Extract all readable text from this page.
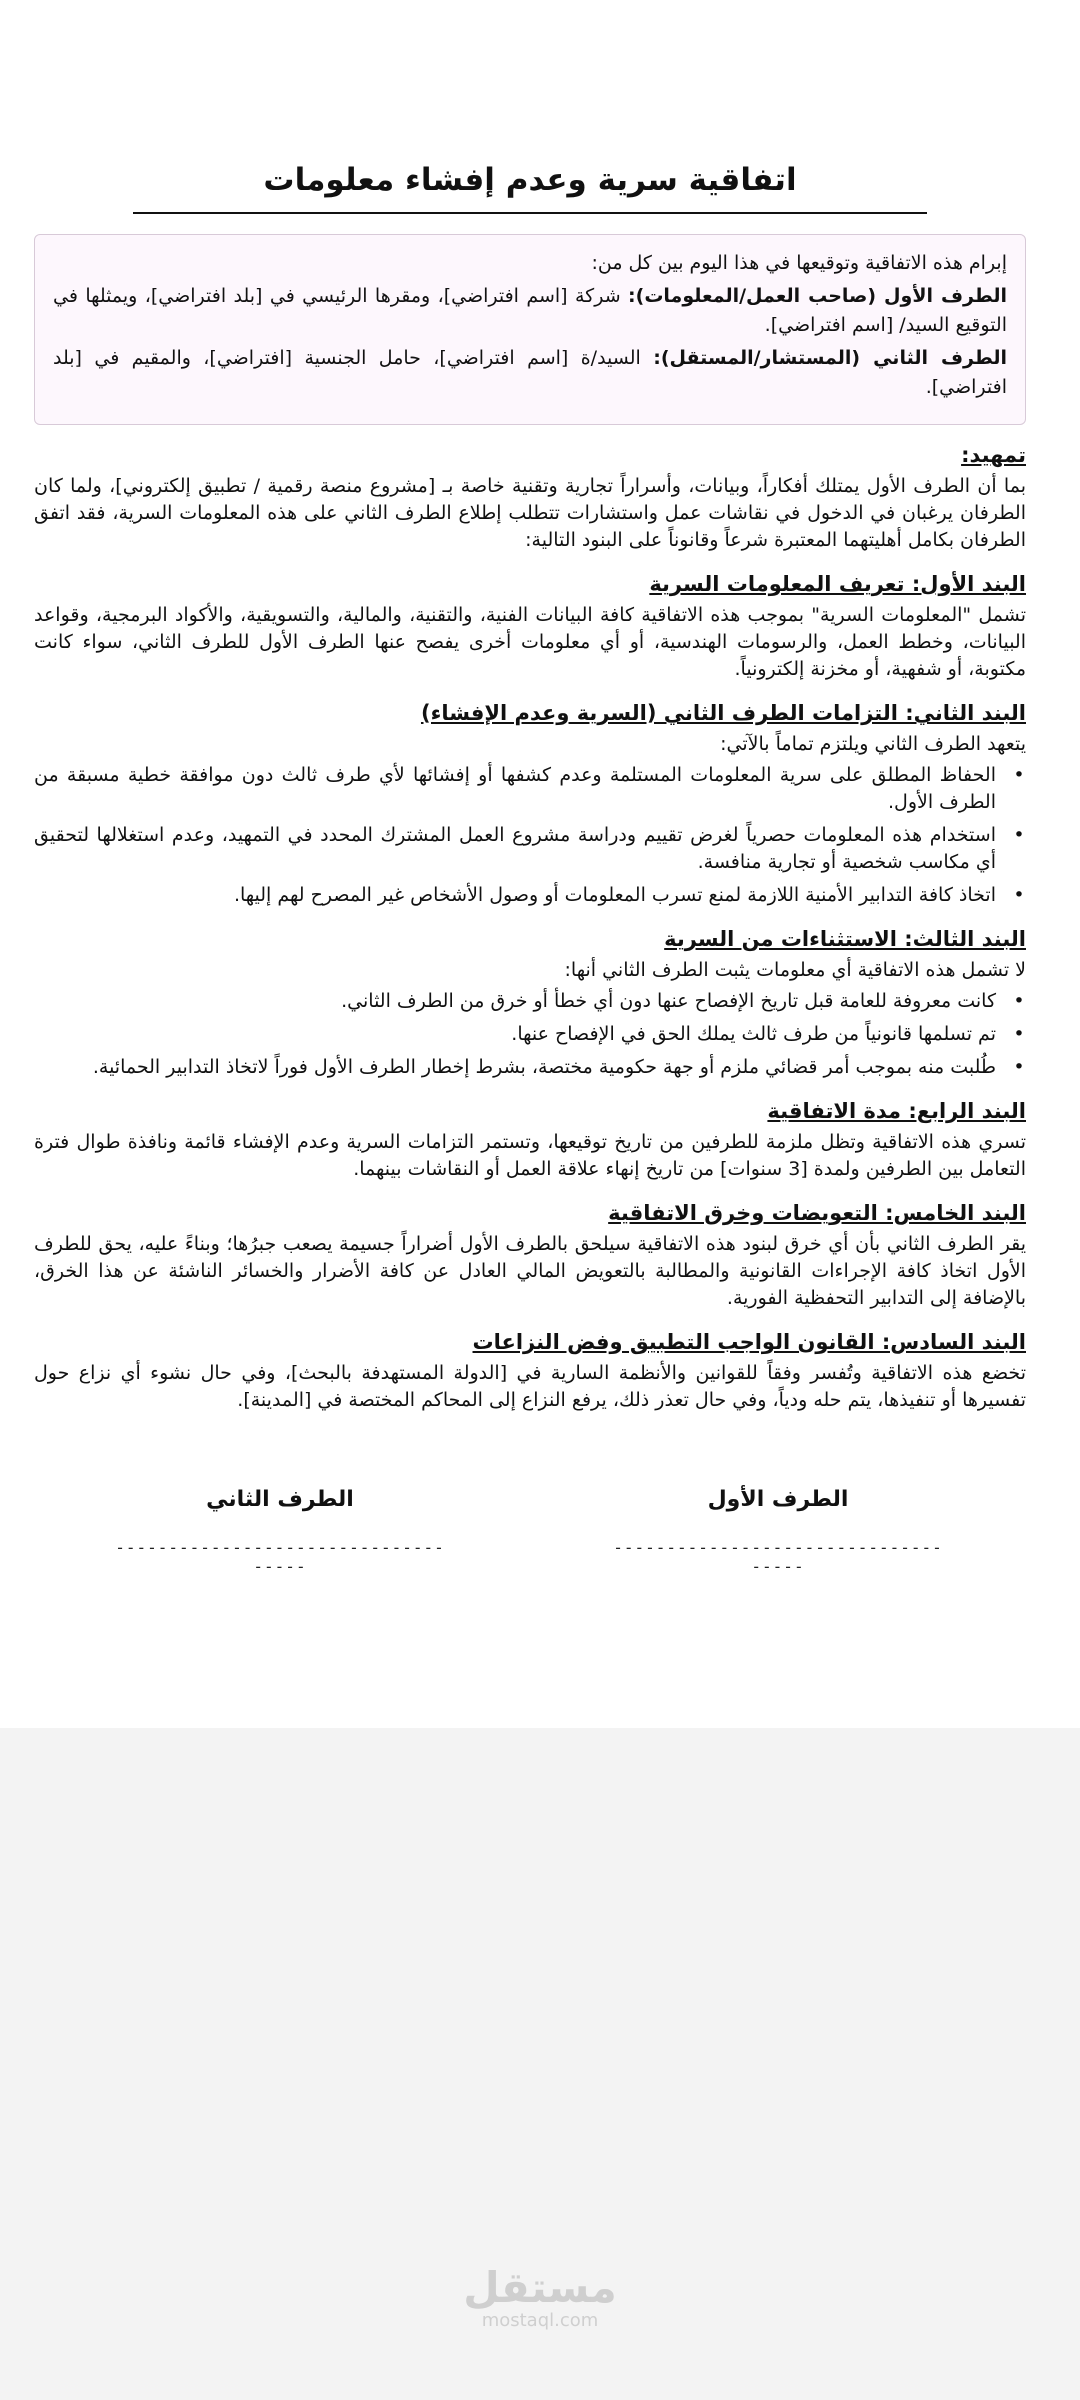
اتفاقية سرية وعدم إفشاء معلومات

إبرام هذه الاتفاقية وتوقيعها في هذا اليوم بين كل من:

الطرف الأول (صاحب العمل/المعلومات): شركة [اسم افتراضي]، ومقرها الرئيسي في [بلد افتراضي]، ويمثلها في التوقيع السيد/ [اسم افتراضي].

الطرف الثاني (المستشار/المستقل): السيد/ة [اسم افتراضي]، حامل الجنسية [افتراضي]، والمقيم في [بلد افتراضي].

تمهيد:

بما أن الطرف الأول يمتلك أفكاراً، وبيانات، وأسراراً تجارية وتقنية خاصة بـ [مشروع منصة رقمية / تطبيق إلكتروني]، ولما كان الطرفان يرغبان في الدخول في نقاشات عمل واستشارات تتطلب إطلاع الطرف الثاني على هذه المعلومات السرية، فقد اتفق الطرفان بكامل أهليتهما المعتبرة شرعاً وقانوناً على البنود التالية:

البند الأول: تعريف المعلومات السرية

تشمل "المعلومات السرية" بموجب هذه الاتفاقية كافة البيانات الفنية، والتقنية، والمالية، والتسويقية، والأكواد البرمجية، وقواعد البيانات، وخطط العمل، والرسومات الهندسية، أو أي معلومات أخرى يفصح عنها الطرف الأول للطرف الثاني، سواء كانت مكتوبة، أو شفهية، أو مخزنة إلكترونياً.

البند الثاني: التزامات الطرف الثاني (السرية وعدم الإفشاء)

يتعهد الطرف الثاني ويلتزم تماماً بالآتي:

•
الحفاظ المطلق على سرية المعلومات المستلمة وعدم كشفها أو إفشائها لأي طرف ثالث دون موافقة خطية مسبقة من الطرف الأول.
•
استخدام هذه المعلومات حصرياً لغرض تقييم ودراسة مشروع العمل المشترك المحدد في التمهيد، وعدم استغلالها لتحقيق أي مكاسب شخصية أو تجارية منافسة.
•
اتخاذ كافة التدابير الأمنية اللازمة لمنع تسرب المعلومات أو وصول الأشخاص غير المصرح لهم إليها.
البند الثالث: الاستثناءات من السرية

لا تشمل هذه الاتفاقية أي معلومات يثبت الطرف الثاني أنها:

•
كانت معروفة للعامة قبل تاريخ الإفصاح عنها دون أي خطأ أو خرق من الطرف الثاني.
•
تم تسلمها قانونياً من طرف ثالث يملك الحق في الإفصاح عنها.
•
طُلبت منه بموجب أمر قضائي ملزم أو جهة حكومية مختصة، بشرط إخطار الطرف الأول فوراً لاتخاذ التدابير الحمائية.
البند الرابع: مدة الاتفاقية

تسري هذه الاتفاقية وتظل ملزمة للطرفين من تاريخ توقيعها، وتستمر التزامات السرية وعدم الإفشاء قائمة ونافذة طوال فترة التعامل بين الطرفين ولمدة [3 سنوات] من تاريخ إنهاء علاقة العمل أو النقاشات بينهما.

البند الخامس: التعويضات وخرق الاتفاقية

يقر الطرف الثاني بأن أي خرق لبنود هذه الاتفاقية سيلحق بالطرف الأول أضراراً جسيمة يصعب جبرُها؛ وبناءً عليه، يحق للطرف الأول اتخاذ كافة الإجراءات القانونية والمطالبة بالتعويض المالي العادل عن كافة الأضرار والخسائر الناشئة عن هذا الخرق، بالإضافة إلى التدابير التحفظية الفورية.

البند السادس: القانون الواجب التطبيق وفض النزاعات

تخضع هذه الاتفاقية وتُفسر وفقاً للقوانين والأنظمة السارية في [الدولة المستهدفة بالبحث]، وفي حال نشوء أي نزاع حول تفسيرها أو تنفيذها، يتم حله ودياً، وفي حال تعذر ذلك، يرفع النزاع إلى المحاكم المختصة في [المدينة].

الطرف الأول
------------------------------------
الطرف الثاني
------------------------------------
مستقل
mostaql.com
